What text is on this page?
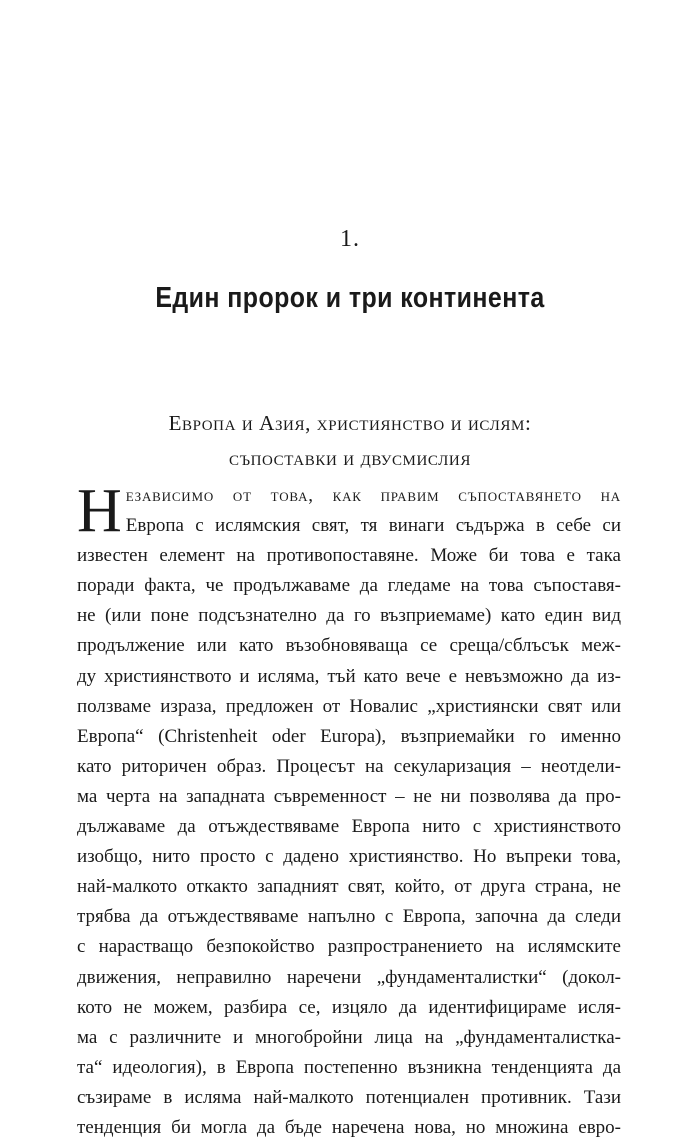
1.
Един пророк и три континента
Европа и Азия, християнство и ислям:
съпоставки и двусмислия
Н езависимо от това, как правим съпоставянето на
Европа с ислямския свят, тя винаги съдържа в себе си
известен елемент на противопоставяне. Може би това е така
поради факта, че продължаваме да гледаме на това съпоставя-
не (или поне подсъзнателно да го възприемаме) като един вид
продължение или като възобновяваща се среща/сблъсък меж-
ду християнството и исляма, тъй като вече е невъзможно да из-
ползваме израза, предложен от Новалис „християнски свят или
Европа“ (Christenheit oder Europa), възприемайки го именно
като риторичен образ. Процесът на секуларизация – неотдели-
ма черта на западната съвременност – не ни позволява да про-
дължаваме да отъждествяваме Европа нито с християнството
изобщо, нито просто с дадено християнство. Но въпреки това,
най-малкото откакто западният свят, който, от друга страна, не
трябва да отъждествяваме напълно с Европа, започна да следи
с нарастващо безпокойство разпространението на ислямските
движения, неправилно наречени „фундаменталистки“ (докол-
кото не можем, разбира се, изцяло да идентифицираме исля-
ма с различните и многобройни лица на „фундаменталистка-
та“ идеология), в Европа постепенно възникна тенденцията да
съзираме в исляма най-малкото потенциален противник. Тази
тенденция би могла да бъде наречена нова, но множина евро-
